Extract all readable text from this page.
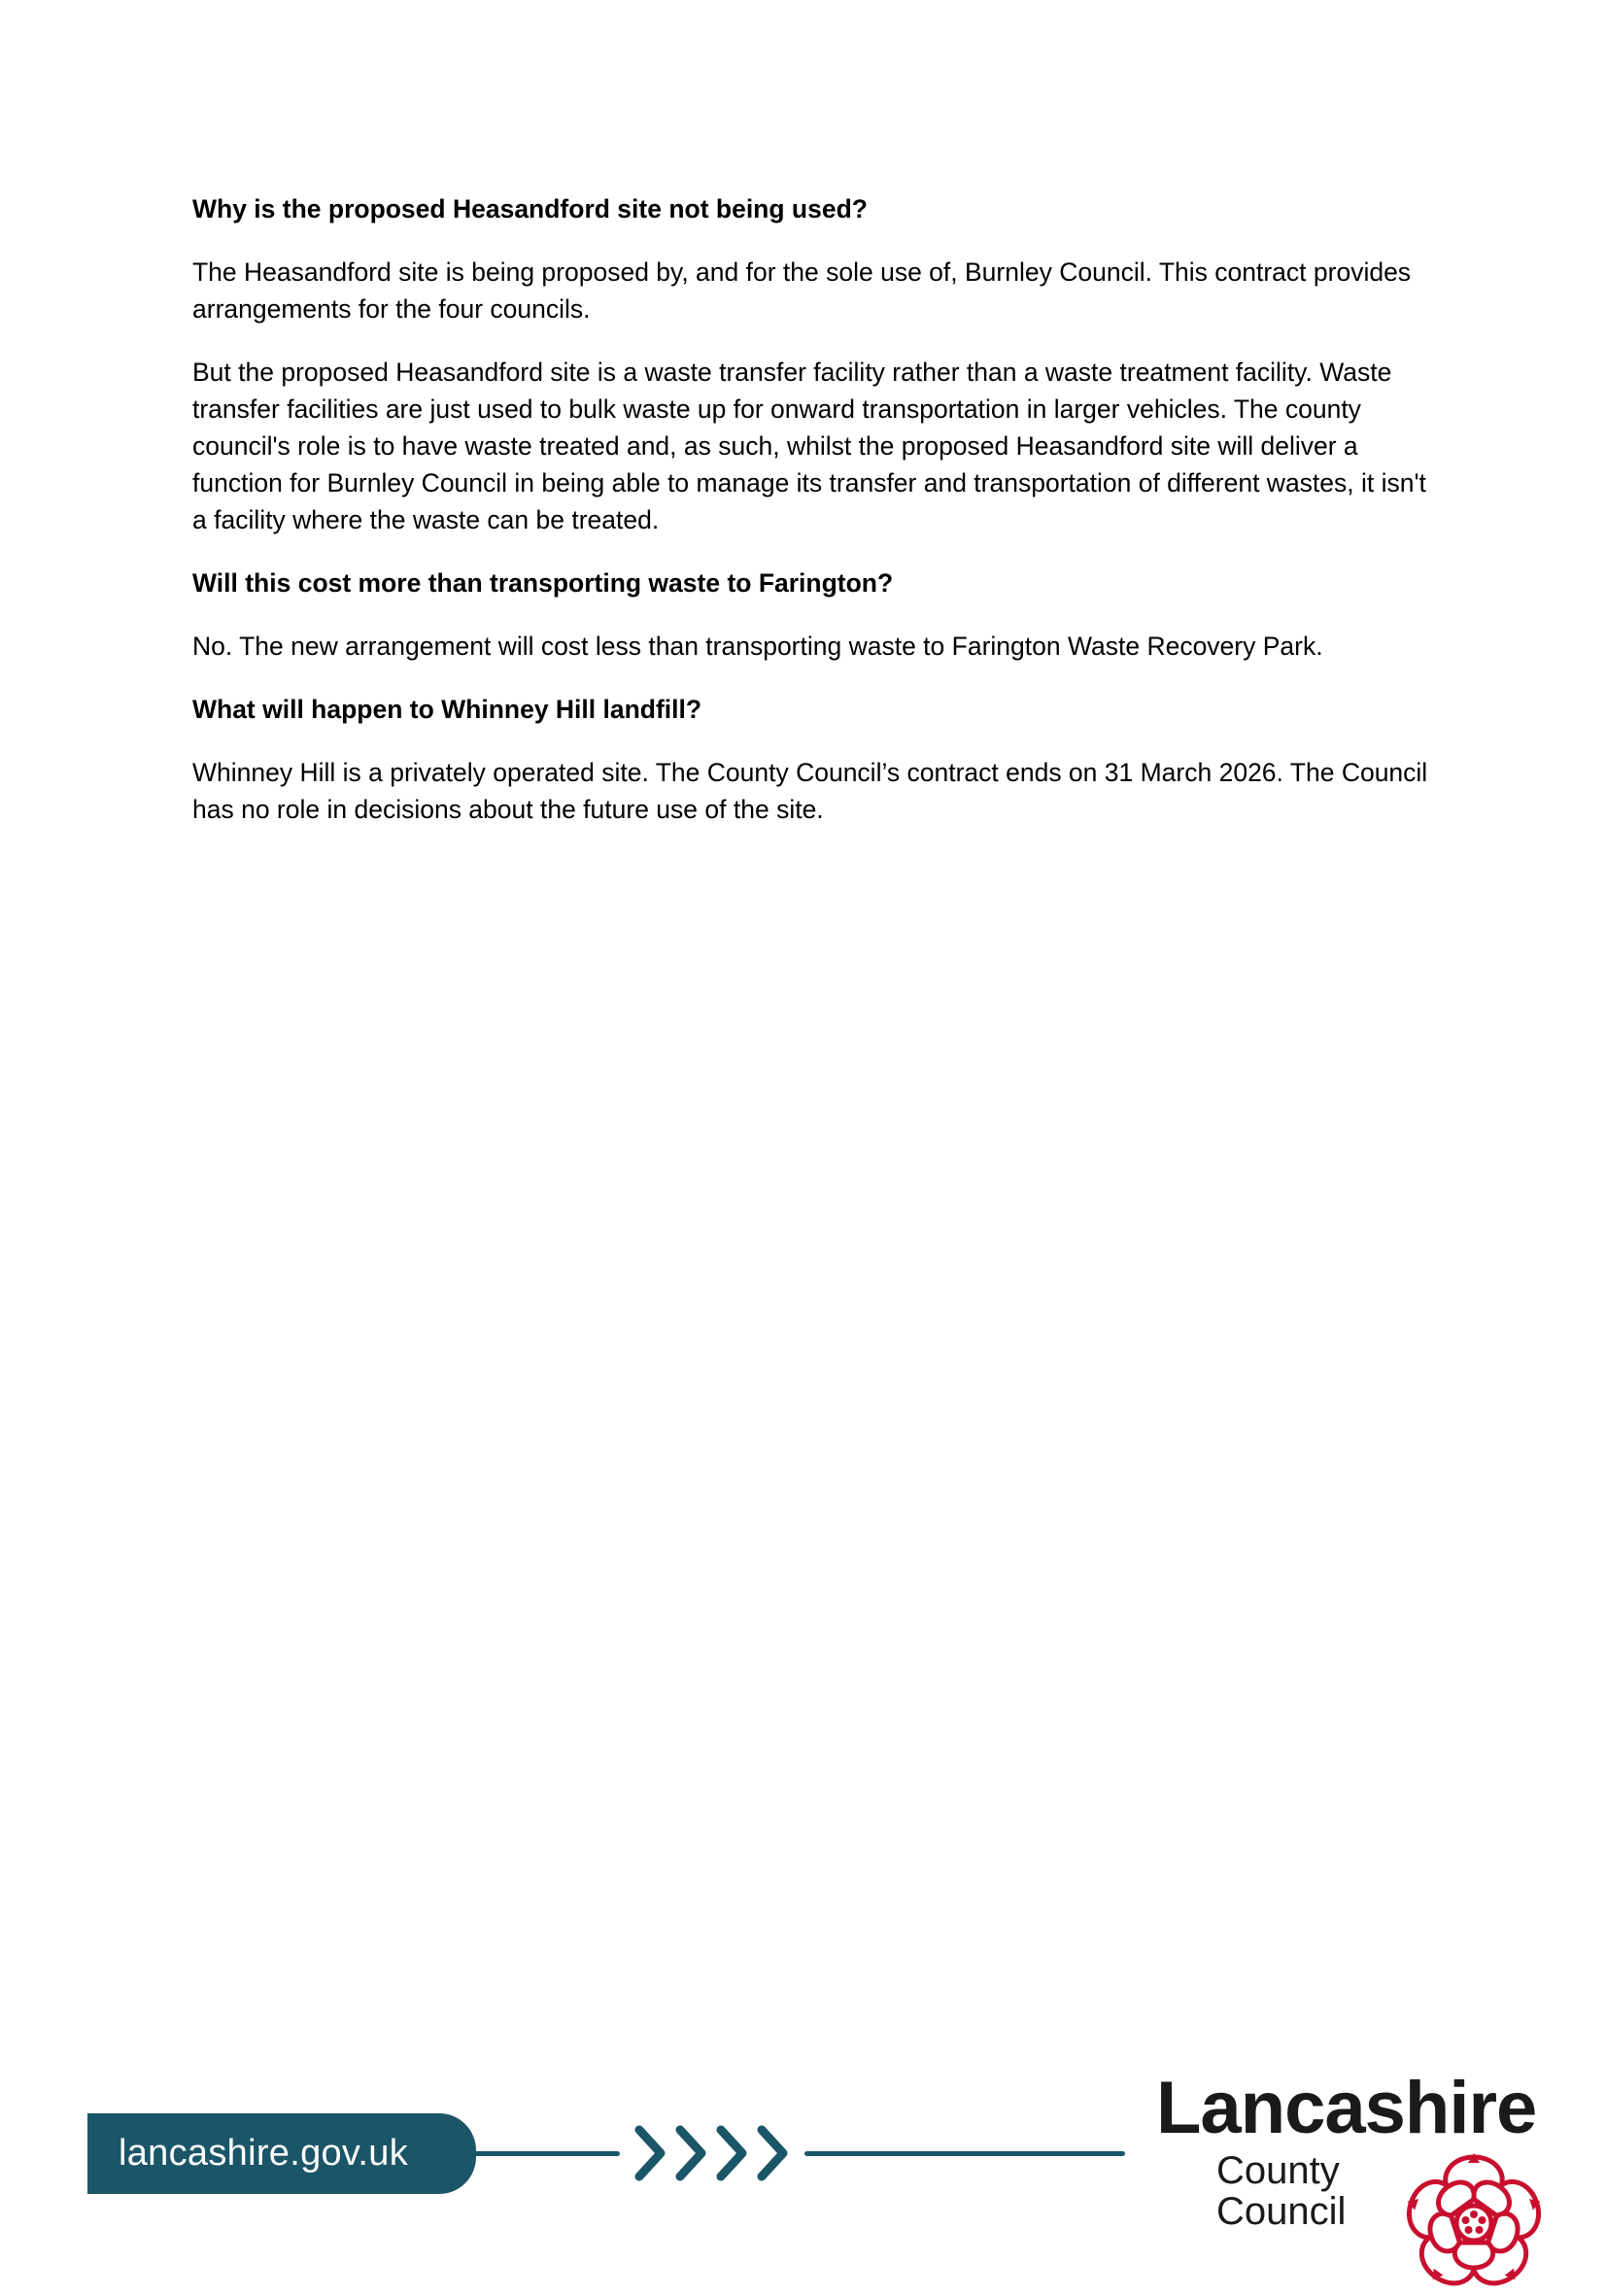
Why is the proposed Heasandford site not being used?

The Heasandford site is being proposed by, and for the sole use of, Burnley Council. This contract provides arrangements for the four councils.

But the proposed Heasandford site is a waste transfer facility rather than a waste treatment facility. Waste transfer facilities are just used to bulk waste up for onward transportation in larger vehicles. The county council's role is to have waste treated and, as such, whilst the proposed Heasandford site will deliver a function for Burnley Council in being able to manage its transfer and transportation of different wastes, it isn't a facility where the waste can be treated.

Will this cost more than transporting waste to Farington?

No. The new arrangement will cost less than transporting waste to Farington Waste Recovery Park.

What will happen to Whinney Hill landfill?

Whinney Hill is a privately operated site. The County Council’s contract ends on 31 March 2026. The Council has no role in decisions about the future use of the site.

lancashire.gov.uk
Lancashire
County
Council
